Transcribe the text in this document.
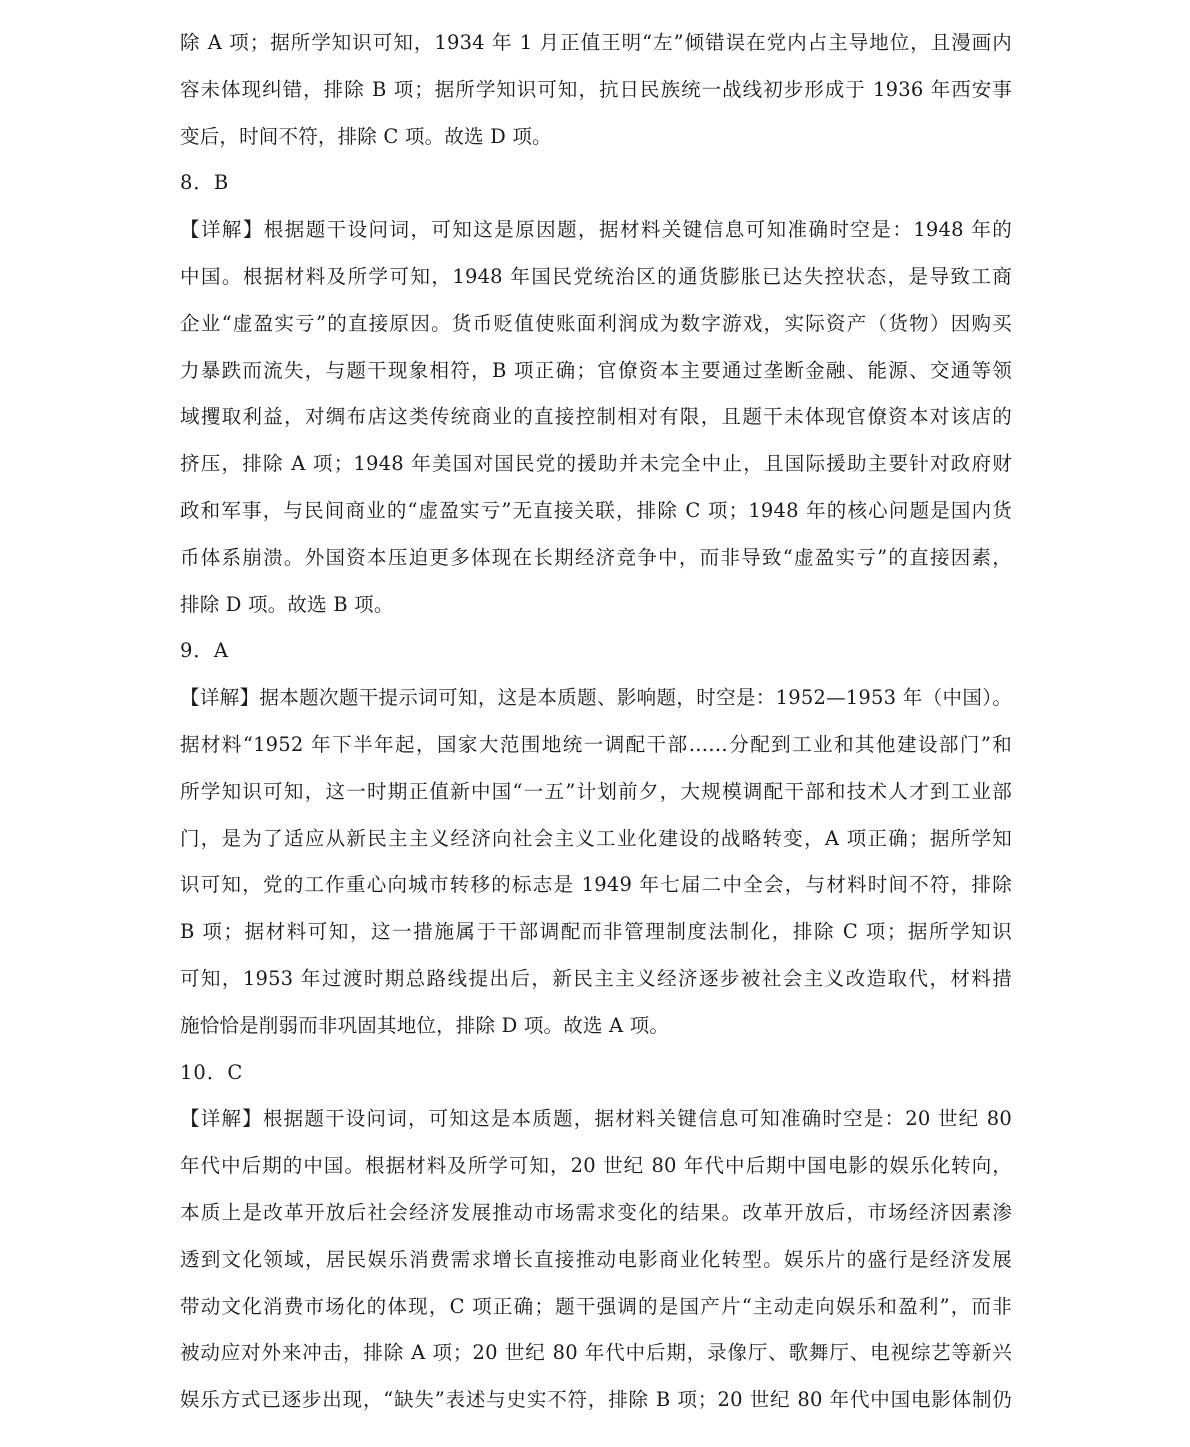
除 A 项；据所学知识可知，1934 年 1 月正值王明“左”倾错误在党内占主导地位，且漫画内
容未体现纠错，排除 B 项；据所学知识可知，抗日民族统一战线初步形成于 1936 年西安事
变后，时间不符，排除 C 项。故选 D 项。
8．B
【详解】根据题干设问词，可知这是原因题，据材料关键信息可知准确时空是：1948 年的
中国。根据材料及所学可知，1948 年国民党统治区的通货膨胀已达失控状态，是导致工商
企业“虚盈实亏”的直接原因。货币贬值使账面利润成为数字游戏，实际资产（货物）因购买
力暴跌而流失，与题干现象相符，B 项正确；官僚资本主要通过垄断金融、能源、交通等领
域攫取利益，对绸布店这类传统商业的直接控制相对有限，且题干未体现官僚资本对该店的
挤压，排除 A 项；1948 年美国对国民党的援助并未完全中止，且国际援助主要针对政府财
政和军事，与民间商业的“虚盈实亏”无直接关联，排除 C 项；1948 年的核心问题是国内货
币体系崩溃。外国资本压迫更多体现在长期经济竞争中，而非导致“虚盈实亏”的直接因素，
排除 D 项。故选 B 项。
9．A
【详解】据本题次题干提示词可知，这是本质题、影响题，时空是：1952—1953 年（中国）。
据材料“1952 年下半年起，国家大范围地统一调配干部……分配到工业和其他建设部门”和
所学知识可知，这一时期正值新中国“一五”计划前夕，大规模调配干部和技术人才到工业部
门，是为了适应从新民主主义经济向社会主义工业化建设的战略转变，A 项正确；据所学知
识可知，党的工作重心向城市转移的标志是 1949 年七届二中全会，与材料时间不符，排除
B 项；据材料可知，这一措施属于干部调配而非管理制度法制化，排除 C 项；据所学知识
可知，1953 年过渡时期总路线提出后，新民主主义经济逐步被社会主义改造取代，材料措
施恰恰是削弱而非巩固其地位，排除 D 项。故选 A 项。
10．C
【详解】根据题干设问词，可知这是本质题，据材料关键信息可知准确时空是：20 世纪 80
年代中后期的中国。根据材料及所学可知，20 世纪 80 年代中后期中国电影的娱乐化转向，
本质上是改革开放后社会经济发展推动市场需求变化的结果。改革开放后，市场经济因素渗
透到文化领域，居民娱乐消费需求增长直接推动电影商业化转型。娱乐片的盛行是经济发展
带动文化消费市场化的体现，C 项正确；题干强调的是国产片“主动走向娱乐和盈利”，而非
被动应对外来冲击，排除 A 项；20 世纪 80 年代中后期，录像厅、歌舞厅、电视综艺等新兴
娱乐方式已逐步出现，“缺失”表述与史实不符，排除 B 项；20 世纪 80 年代中国电影体制仍
